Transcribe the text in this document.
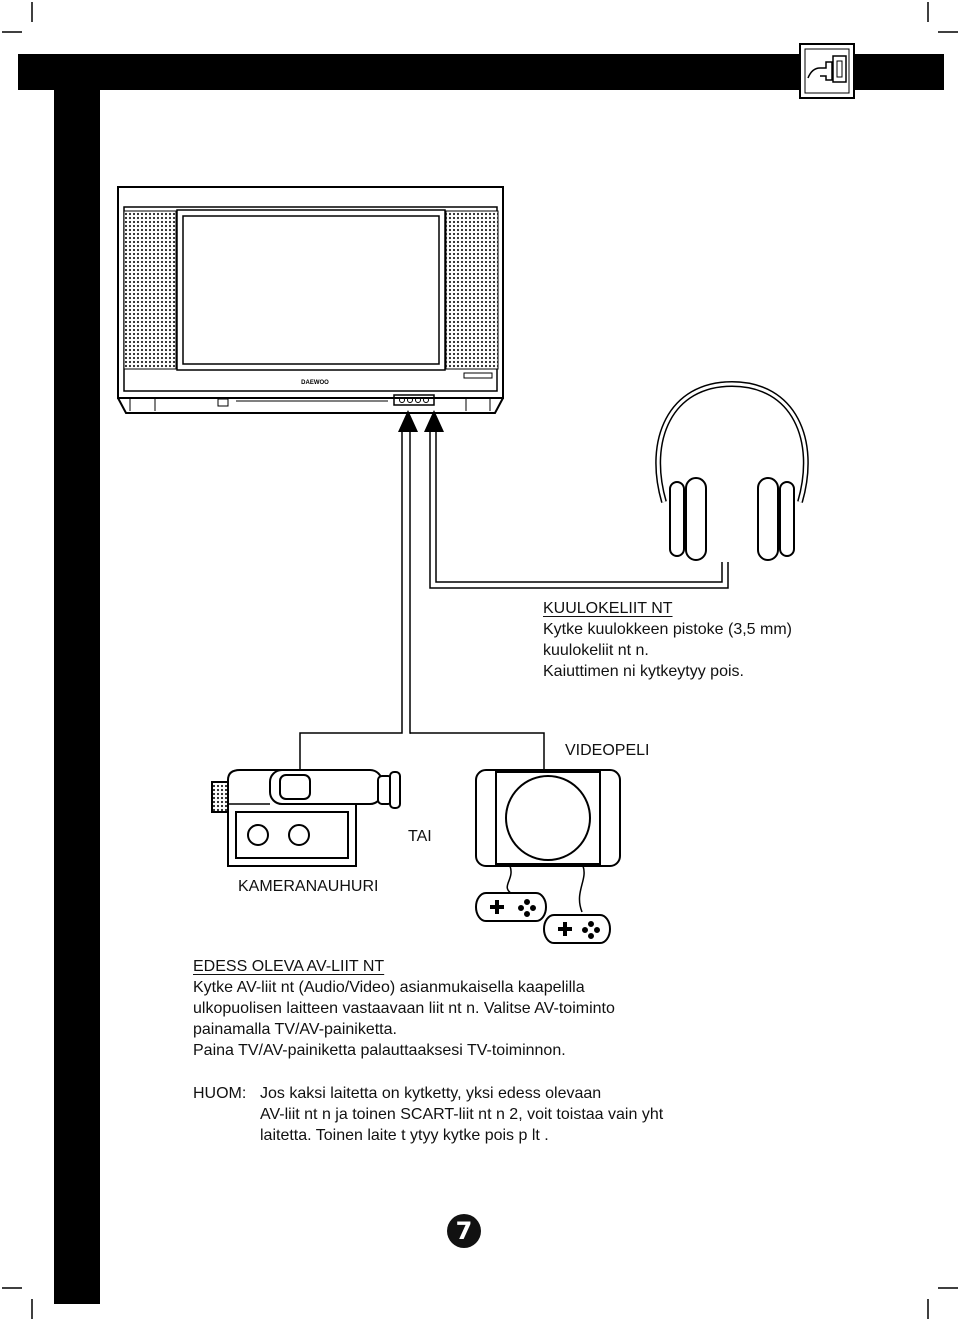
DAEWOO
KUULOKELIIT NT
Kytke kuulokkeen pistoke (3,5 mm)
kuulokeliit nt n.
Kaiuttimen ni kytkeytyy pois.
VIDEOPELI
TAI
KAMERANAUHURI
EDESS OLEVA AV-LIIT NT
Kytke AV-liit nt (Audio/Video) asianmukaisella kaapelilla
ulkopuolisen laitteen vastaavaan liit nt n. Valitse AV-toiminto
painamalla TV/AV-painiketta.
Paina TV/AV-painiketta palauttaaksesi TV-toiminnon.
HUOM: Jos kaksi laitetta on kytketty, yksi edess olevaan
AV-liit nt n ja toinen SCART-liit nt n 2, voit toistaa vain yht
laitetta. Toinen laite t ytyy kytke pois p lt .
7
